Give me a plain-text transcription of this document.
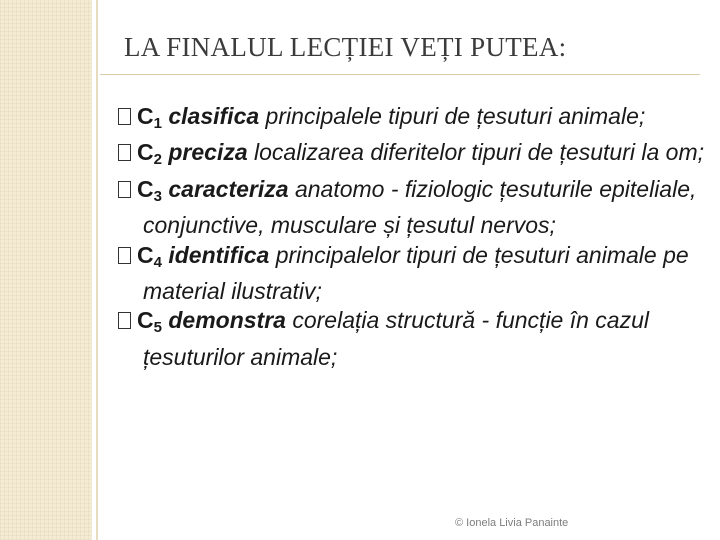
LA FINALUL LECȚIEI VEȚI PUTEA:
$C_1$ clasifica principalele tipuri de țesuturi animale;
$C_2$ preciza localizarea diferitelor tipuri de țesuturi la om;
$C_3$ caracteriza anatomo - fiziologic țesuturile epiteliale, conjunctive, musculare și țesutul nervos;
$C_4$ identifica principalelor tipuri de țesuturi animale pe material ilustrativ;
$C_5$ demonstra corelația structură - funcție în cazul țesuturilor animale;
© Ionela Livia Panainte
